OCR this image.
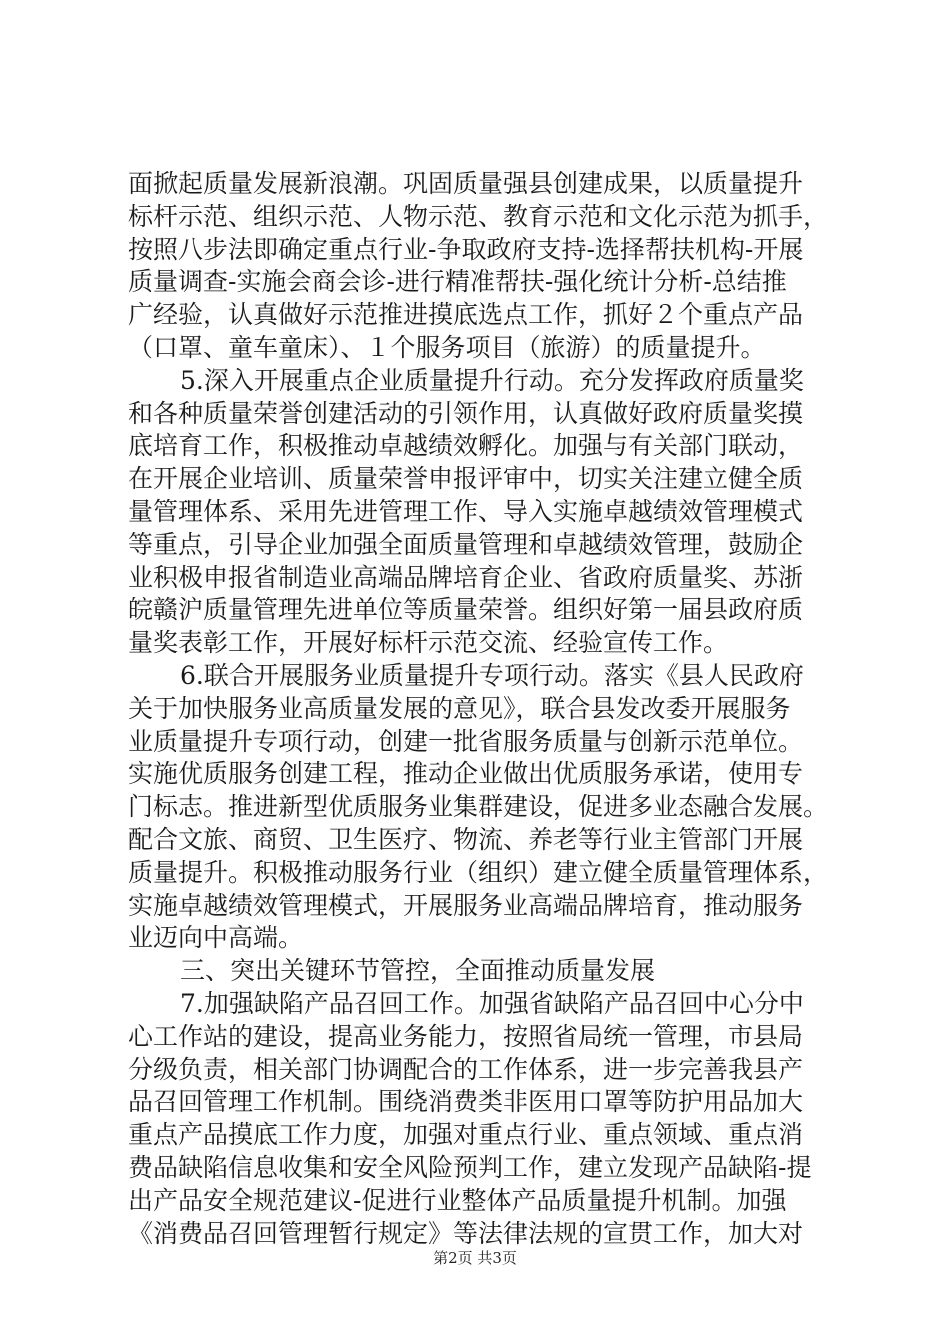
面掀起质量发展新浪潮。巩固质量强县创建成果，以质量提升
标杆示范、组织示范、人物示范、教育示范和文化示范为抓手，
按照八步法即确定重点行业-争取政府支持-选择帮扶机构-开展
质量调查-实施会商会诊-进行精准帮扶-强化统计分析-总结推
广经验，认真做好示范推进摸底选点工作，抓好２个重点产品
（口罩、童车童床）、１个服务项目（旅游）的质量提升。
5.深入开展重点企业质量提升行动。充分发挥政府质量奖
和各种质量荣誉创建活动的引领作用，认真做好政府质量奖摸
底培育工作，积极推动卓越绩效孵化。加强与有关部门联动，
在开展企业培训、质量荣誉申报评审中，切实关注建立健全质
量管理体系、采用先进管理工作、导入实施卓越绩效管理模式
等重点，引导企业加强全面质量管理和卓越绩效管理，鼓励企
业积极申报省制造业高端品牌培育企业、省政府质量奖、苏浙
皖赣沪质量管理先进单位等质量荣誉。组织好第一届县政府质
量奖表彰工作，开展好标杆示范交流、经验宣传工作。
6.联合开展服务业质量提升专项行动。落实《县人民政府
关于加快服务业高质量发展的意见》，联合县发改委开展服务
业质量提升专项行动，创建一批省服务质量与创新示范单位。
实施优质服务创建工程，推动企业做出优质服务承诺，使用专
门标志。推进新型优质服务业集群建设，促进多业态融合发展。
配合文旅、商贸、卫生医疗、物流、养老等行业主管部门开展
质量提升。积极推动服务行业（组织）建立健全质量管理体系，
实施卓越绩效管理模式，开展服务业高端品牌培育，推动服务
业迈向中高端。
三、突出关键环节管控，全面推动质量发展
7.加强缺陷产品召回工作。加强省缺陷产品召回中心分中
心工作站的建设，提高业务能力，按照省局统一管理，市县局
分级负责，相关部门协调配合的工作体系，进一步完善我县产
品召回管理工作机制。围绕消费类非医用口罩等防护用品加大
重点产品摸底工作力度，加强对重点行业、重点领域、重点消
费品缺陷信息收集和安全风险预判工作，建立发现产品缺陷-提
出产品安全规范建议-促进行业整体产品质量提升机制。加强
《消费品召回管理暂行规定》等法律法规的宣贯工作，加大对
第2页 共3页
